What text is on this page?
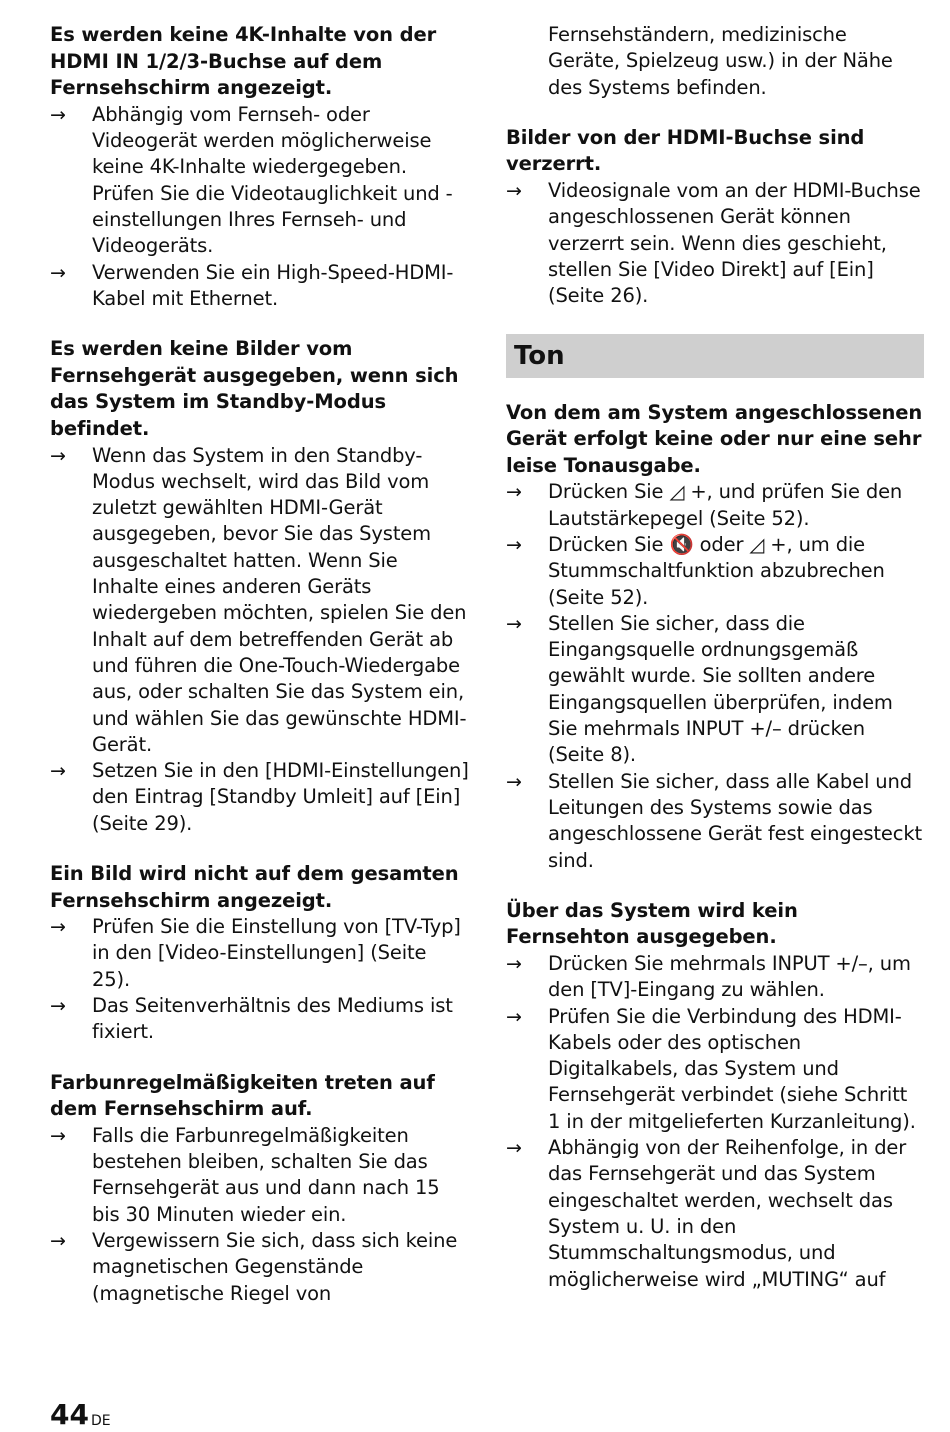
Es werden keine 4K-Inhalte von der HDMI IN 1/2/3-Buchse auf dem Fernsehschirm angezeigt.

→ Abhängig vom Fernseh- oder Videogerät werden möglicherweise keine 4K-Inhalte wiedergegeben. Prüfen Sie die Videotauglichkeit und -einstellungen Ihres Fernseh- und Videogeräts.
→ Verwenden Sie ein High-Speed-HDMI-Kabel mit Ethernet.

Es werden keine Bilder vom Fernsehgerät ausgegeben, wenn sich das System im Standby-Modus befindet.

→ Wenn das System in den Standby-Modus wechselt, wird das Bild vom zuletzt gewählten HDMI-Gerät ausgegeben, bevor Sie das System ausgeschaltet hatten. Wenn Sie Inhalte eines anderen Geräts wiedergeben möchten, spielen Sie den Inhalt auf dem betreffenden Gerät ab und führen die One-Touch-Wiedergabe aus, oder schalten Sie das System ein, und wählen Sie das gewünschte HDMI-Gerät.
→ Setzen Sie in den [HDMI-Einstellungen] den Eintrag [Standby Umleit] auf [Ein] (Seite 29).

Ein Bild wird nicht auf dem gesamten Fernsehschirm angezeigt.

→ Prüfen Sie die Einstellung von [TV-Typ] in den [Video-Einstellungen] (Seite 25).
→ Das Seitenverhältnis des Mediums ist fixiert.

Farbunregelmäßigkeiten treten auf dem Fernsehschirm auf.

→ Falls die Farbunregelmäßigkeiten bestehen bleiben, schalten Sie das Fernsehgerät aus und dann nach 15 bis 30 Minuten wieder ein.
→ Vergewissern Sie sich, dass sich keine magnetischen Gegenstände (magnetische Riegel von

Fernsehständern, medizinische Geräte, Spielzeug usw.) in der Nähe des Systems befinden.

Bilder von der HDMI-Buchse sind verzerrt.

→ Videosignale vom an der HDMI-Buchse angeschlossenen Gerät können verzerrt sein. Wenn dies geschieht, stellen Sie [Video Direkt] auf [Ein] (Seite 26).
Ton

Von dem am System angeschlossenen Gerät erfolgt keine oder nur eine sehr leise Tonausgabe.

→ Drücken Sie ◿ +, und prüfen Sie den Lautstärkepegel (Seite 52).
→ Drücken Sie 🔇 oder ◿ +, um die Stummschaltfunktion abzubrechen (Seite 52).
→ Stellen Sie sicher, dass die Eingangsquelle ordnungsgemäß gewählt wurde. Sie sollten andere Eingangsquellen überprüfen, indem Sie mehrmals INPUT +/– drücken (Seite 8).
→ Stellen Sie sicher, dass alle Kabel und Leitungen des Systems sowie das angeschlossene Gerät fest eingesteckt sind.

Über das System wird kein Fernsehton ausgegeben.

→ Drücken Sie mehrmals INPUT +/–, um den [TV]-Eingang zu wählen.
→ Prüfen Sie die Verbindung des HDMI-Kabels oder des optischen Digitalkabels, das System und Fernsehgerät verbindet (siehe Schritt 1 in der mitgelieferten Kurzanleitung).
→ Abhängig von der Reihenfolge, in der das Fernsehgerät und das System eingeschaltet werden, wechselt das System u. U. in den Stummschaltungsmodus, und möglicherweise wird „MUTING“ auf
44 $^{DE}$
